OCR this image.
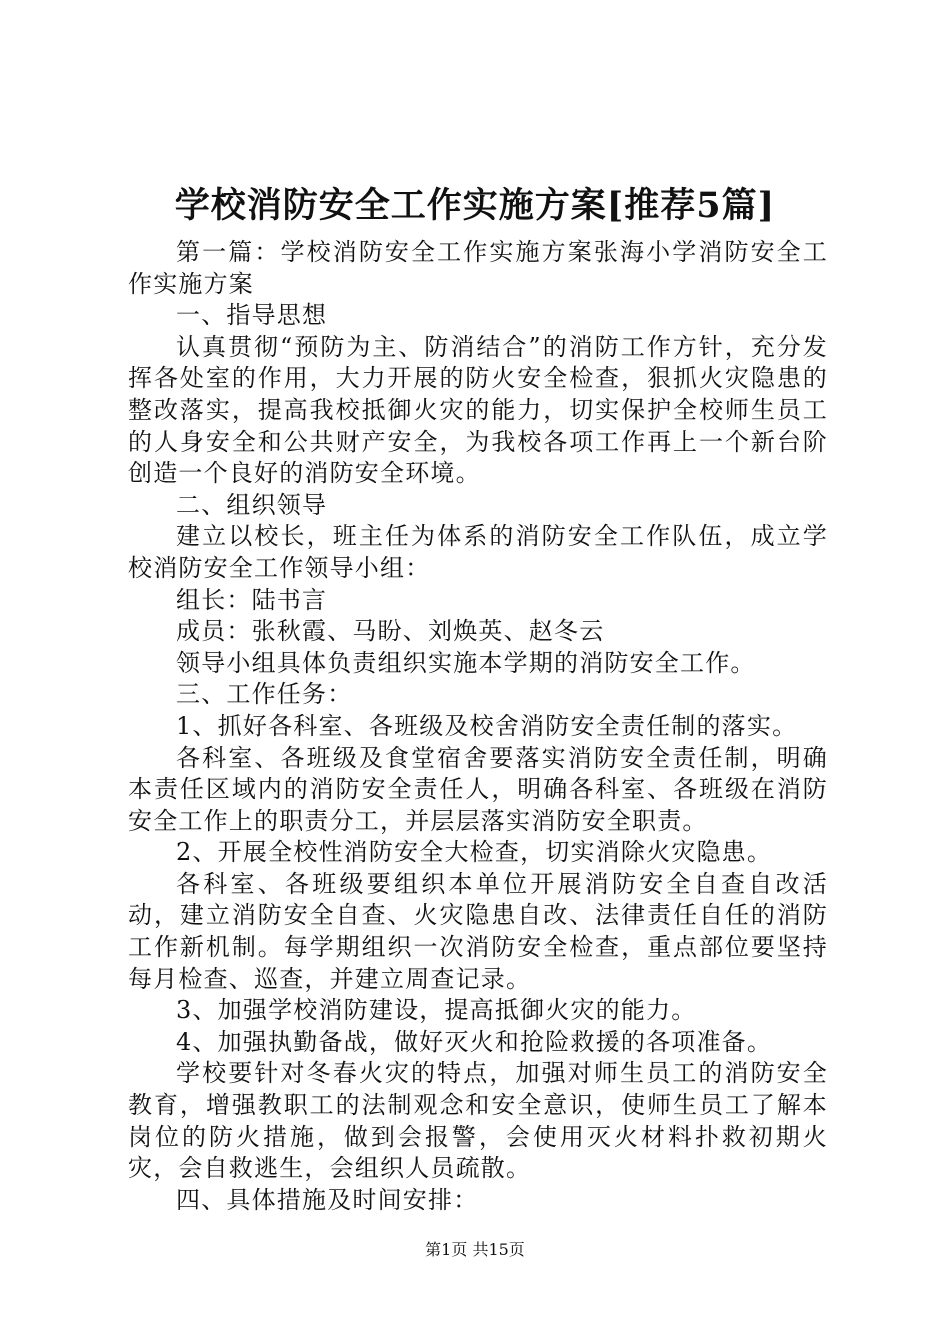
学校消防安全工作实施方案[推荐5篇]

第一篇：学校消防安全工作实施方案张海小学消防安全工作实施方案

一、指导思想

认真贯彻“预防为主、防消结合”的消防工作方针，充分发挥各处室的作用，大力开展的防火安全检查，狠抓火灾隐患的整改落实，提高我校抵御火灾的能力，切实保护全校师生员工的人身安全和公共财产安全，为我校各项工作再上一个新台阶创造一个良好的消防安全环境。

二、组织领导

建立以校长，班主任为体系的消防安全工作队伍，成立学校消防安全工作领导小组：

组长：陆书言

成员：张秋霞、马盼、刘焕英、赵冬云

领导小组具体负责组织实施本学期的消防安全工作。

三、工作任务：

1、抓好各科室、各班级及校舍消防安全责任制的落实。

各科室、各班级及食堂宿舍要落实消防安全责任制，明确本责任区域内的消防安全责任人，明确各科室、各班级在消防安全工作上的职责分工，并层层落实消防安全职责。

2、开展全校性消防安全大检查，切实消除火灾隐患。

各科室、各班级要组织本单位开展消防安全自查自改活动，建立消防安全自查、火灾隐患自改、法律责任自任的消防工作新机制。每学期组织一次消防安全检查，重点部位要坚持每月检查、巡查，并建立周查记录。

3、加强学校消防建设，提高抵御火灾的能力。

4、加强执勤备战，做好灭火和抢险救援的各项准备。

学校要针对冬春火灾的特点，加强对师生员工的消防安全教育，增强教职工的法制观念和安全意识，使师生员工了解本岗位的防火措施，做到会报警，会使用灭火材料扑救初期火灾，会自救逃生，会组织人员疏散。

四、具体措施及时间安排：

第1页 共15页
